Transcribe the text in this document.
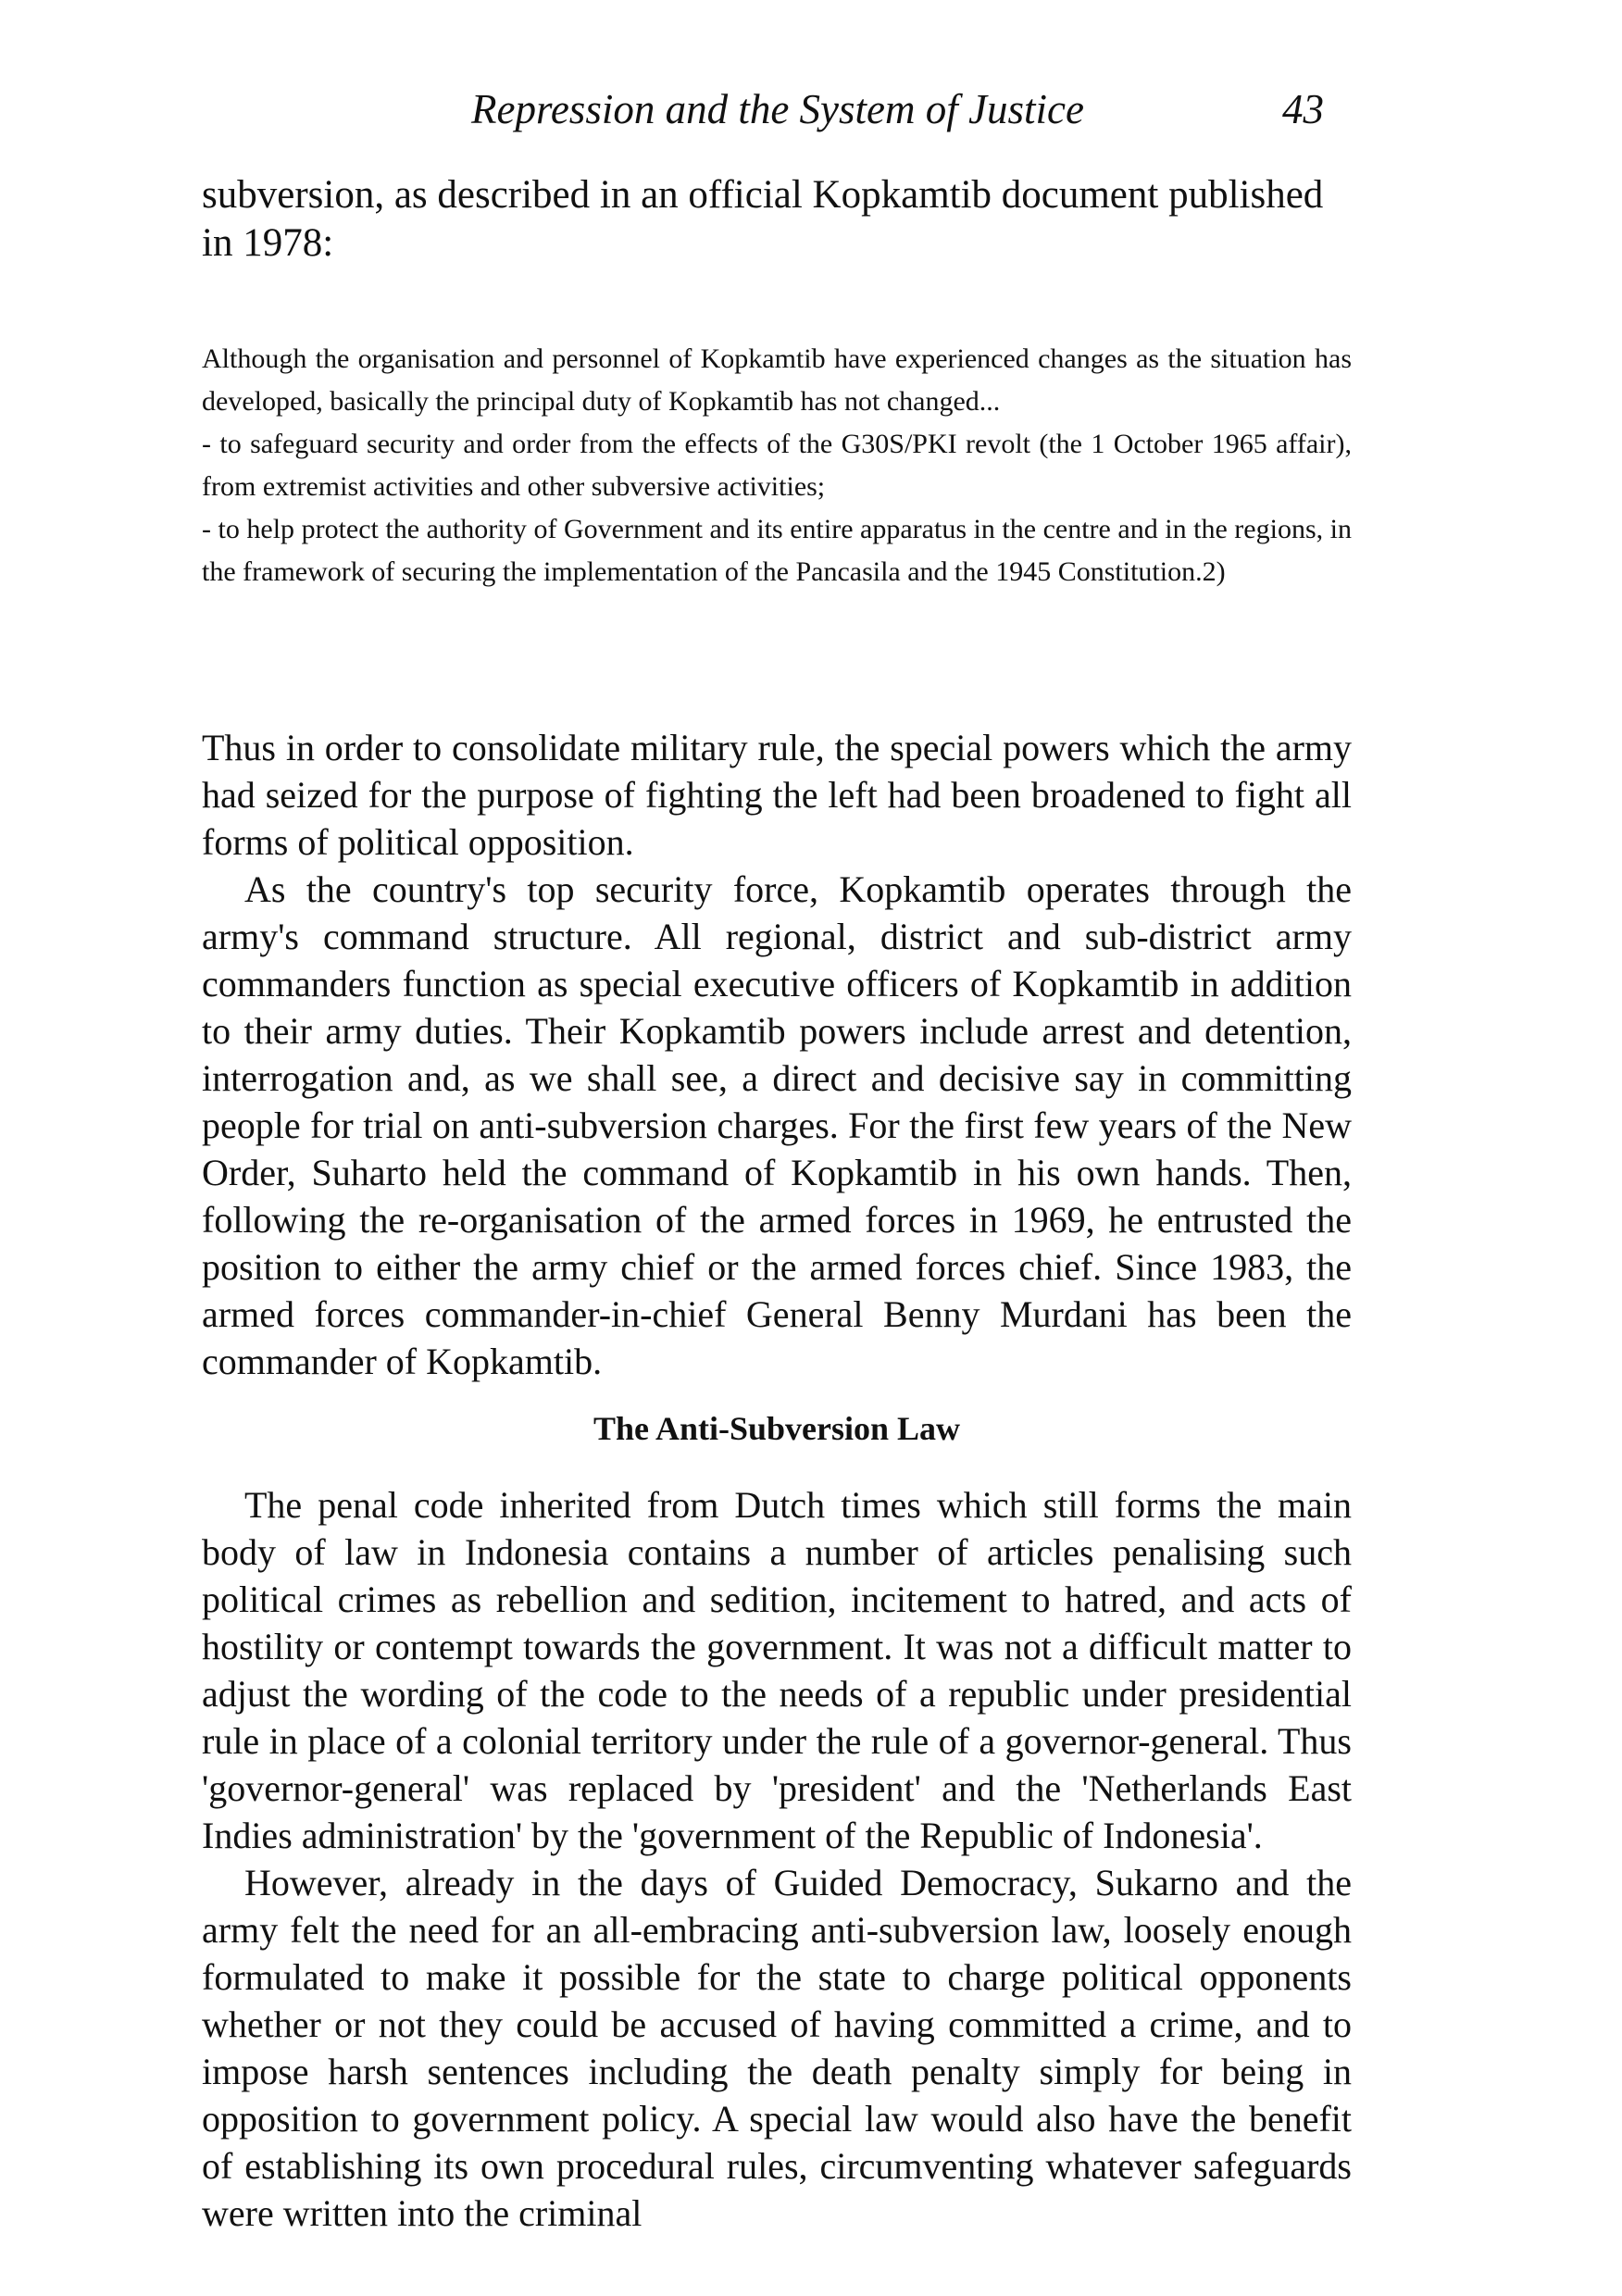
Repression and the System of Justice	43

subversion, as described in an official Kopkamtib document published in 1978:

Although the organisation and personnel of Kopkamtib have experienced changes as the situation has developed, basically the principal duty of Kopkamtib has not changed...

- to safeguard security and order from the effects of the G30S/PKI revolt (the 1 October 1965 affair), from extremist activities and other subversive activities;

- to help protect the authority of Government and its entire apparatus in the centre and in the regions, in the framework of securing the implementation of the Pancasila and the 1945 Constitution.2)

Thus in order to consolidate military rule, the special powers which the army had seized for the purpose of fighting the left had been broadened to fight all forms of political opposition.

As the country's top security force, Kopkamtib operates through the army's command structure. All regional, district and sub-district army commanders function as special executive officers of Kopkamtib in addition to their army duties. Their Kopkamtib powers include arrest and detention, interrogation and, as we shall see, a direct and decisive say in committing people for trial on anti-subversion charges. For the first few years of the New Order, Suharto held the command of Kopkamtib in his own hands. Then, following the re-organisation of the armed forces in 1969, he entrusted the position to either the army chief or the armed forces chief. Since 1983, the armed forces commander-in-chief General Benny Murdani has been the commander of Kopkamtib.

The Anti-Subversion Law

The penal code inherited from Dutch times which still forms the main body of law in Indonesia contains a number of articles penalising such political crimes as rebellion and sedition, incitement to hatred, and acts of hostility or contempt towards the government. It was not a difficult matter to adjust the wording of the code to the needs of a republic under presidential rule in place of a colonial territory under the rule of a governor-general. Thus 'governor-general' was replaced by 'president' and the 'Netherlands East Indies administration' by the 'government of the Republic of Indonesia'.

However, already in the days of Guided Democracy, Sukarno and the army felt the need for an all-embracing anti-subversion law, loosely enough formulated to make it possible for the state to charge political opponents whether or not they could be accused of having committed a crime, and to impose harsh sentences including the death penalty simply for being in opposition to government policy. A special law would also have the benefit of establishing its own procedural rules, circumventing whatever safeguards were written into the criminal
